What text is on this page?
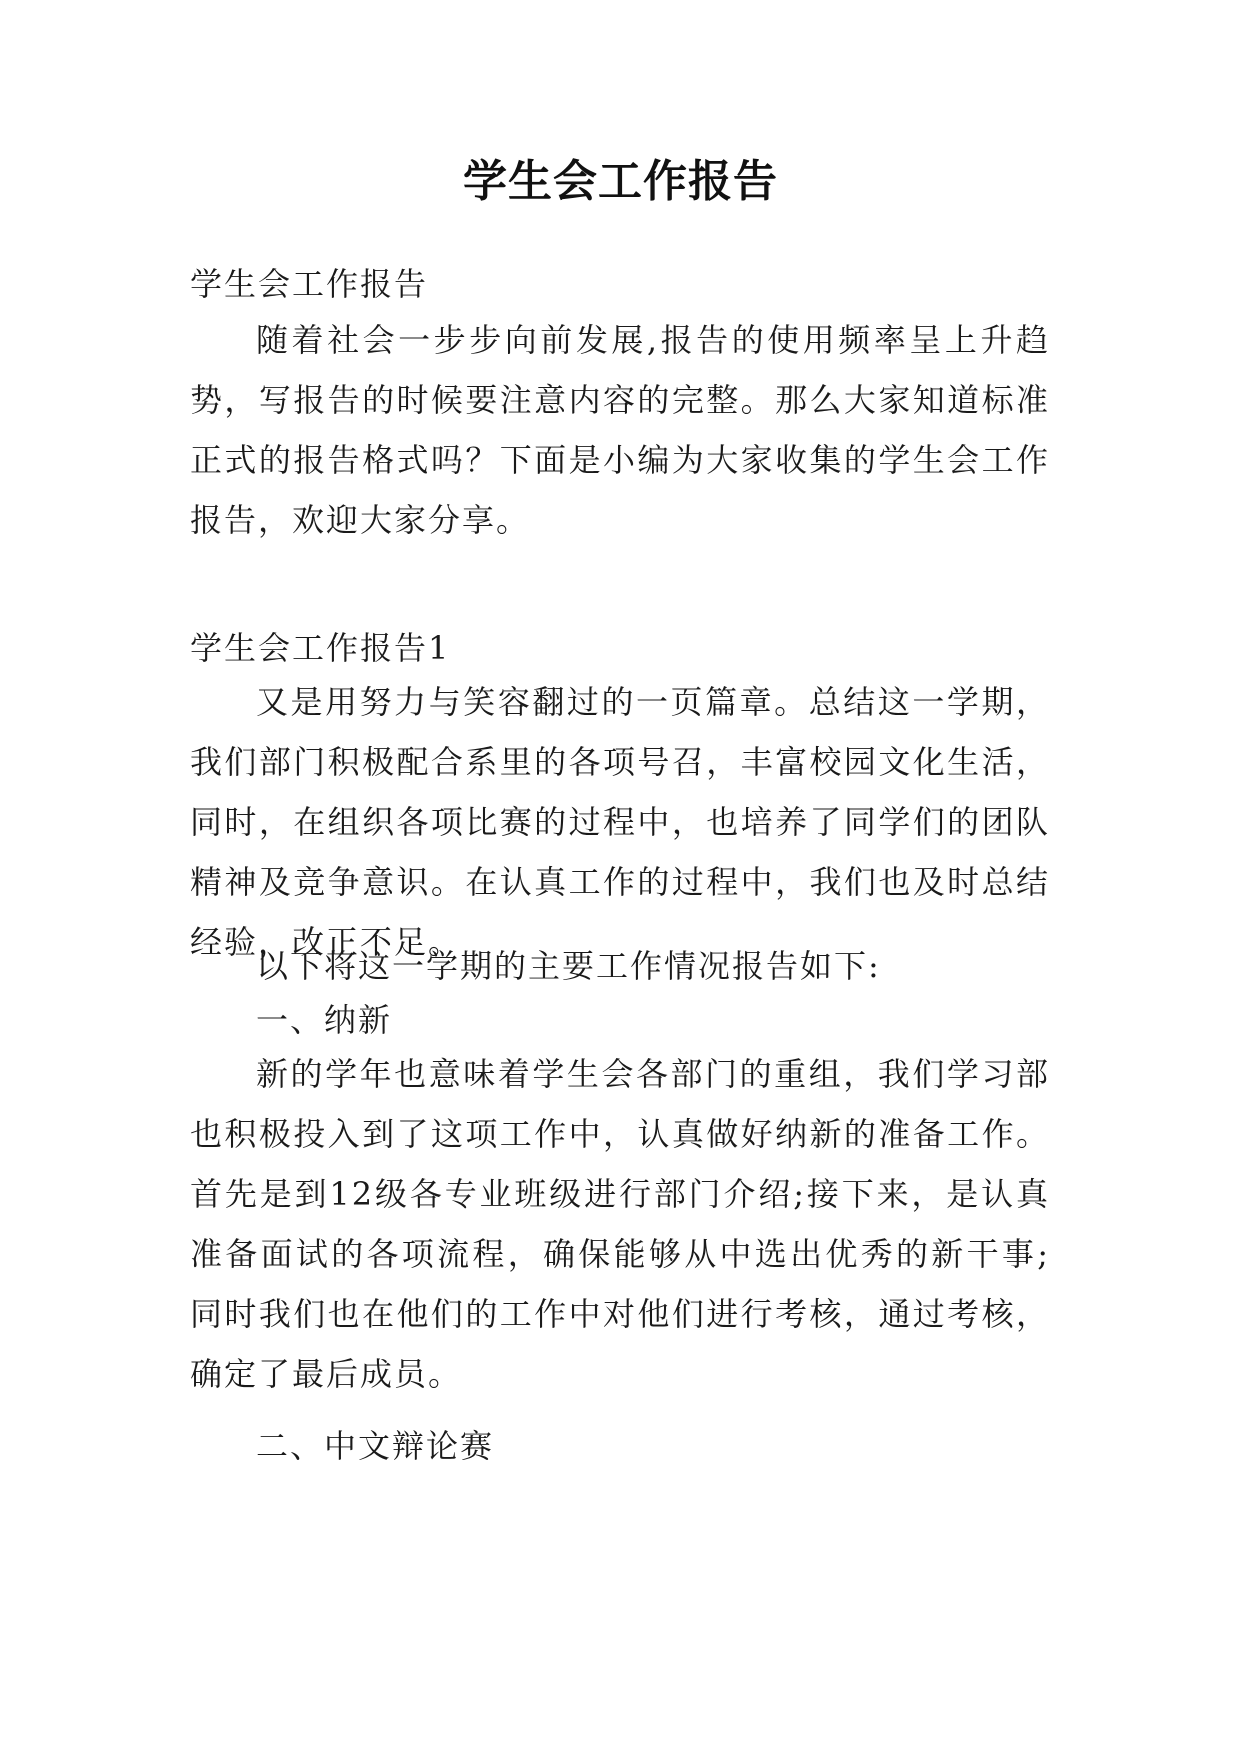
学生会工作报告
学生会工作报告

随着社会一步步向前发展,报告的使用频率呈上升趋势，写报告的时候要注意内容的完整。那么大家知道标准正式的报告格式吗？下面是小编为大家收集的学生会工作报告，欢迎大家分享。

学生会工作报告1

又是用努力与笑容翻过的一页篇章。总结这一学期，我们部门积极配合系里的各项号召，丰富校园文化生活，同时，在组织各项比赛的过程中，也培养了同学们的团队精神及竞争意识。在认真工作的过程中，我们也及时总结经验，改正不足。

以下将这一学期的主要工作情况报告如下:
一、纳新

新的学年也意味着学生会各部门的重组，我们学习部也积极投入到了这项工作中，认真做好纳新的准备工作。首先是到12级各专业班级进行部门介绍;接下来，是认真准备面试的各项流程，确保能够从中选出优秀的新干事;同时我们也在他们的工作中对他们进行考核，通过考核，确定了最后成员。

二、中文辩论赛
